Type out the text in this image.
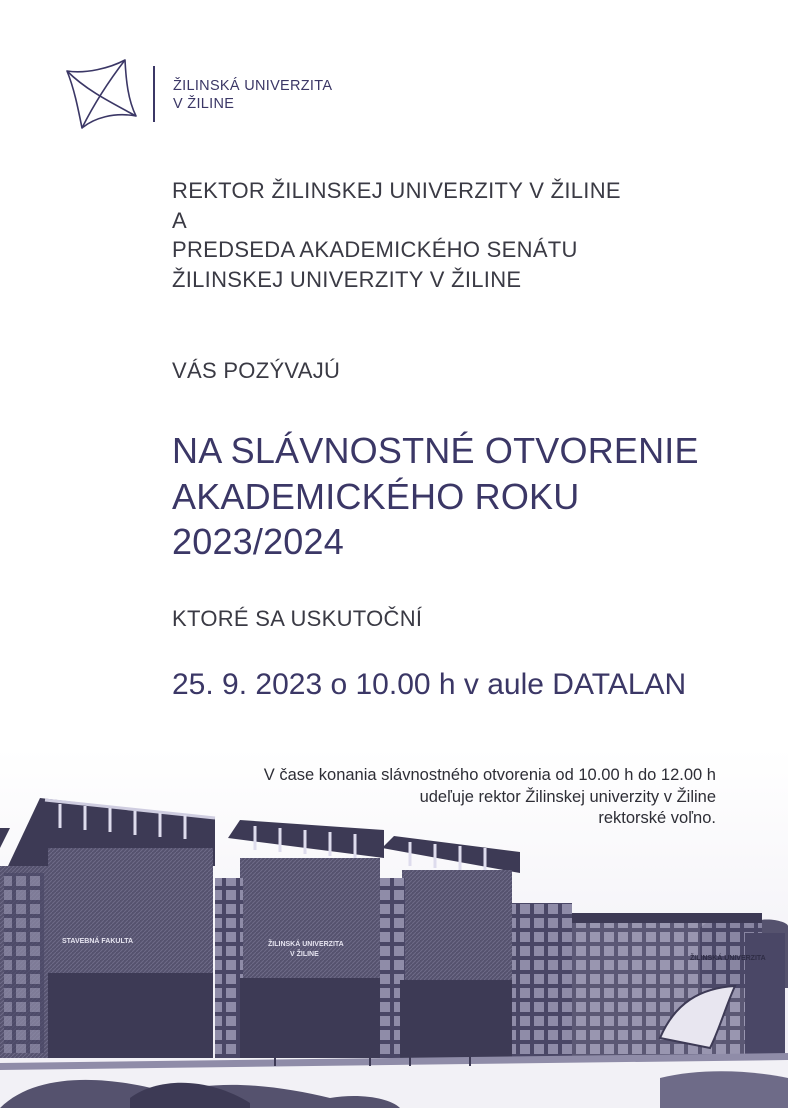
ŽILINSKÁ UNIVERZITA
V ŽILINE
REKTOR ŽILINSKEJ UNIVERZITY V ŽILINE
A
PREDSEDA AKADEMICKÉHO SENÁTU
ŽILINSKEJ UNIVERZITY V ŽILINE
VÁS POZÝVAJÚ
NA SLÁVNOSTNÉ OTVORENIE
AKADEMICKÉHO ROKU
2023/2024
KTORÉ SA USKUTOČNÍ
25. 9. 2023 o 10.00 h v aule DATALAN
V čase konania slávnostného otvorenia od 10.00 h do 12.00 h
udeľuje rektor Žilinskej univerzity v Žiline
rektorské voľno.
STAVEBNÁ FAKULTA	ŽILINSKÁ UNIVERZITA
V ŽILINE
ŽILINSKÁ UNIVERZITA
